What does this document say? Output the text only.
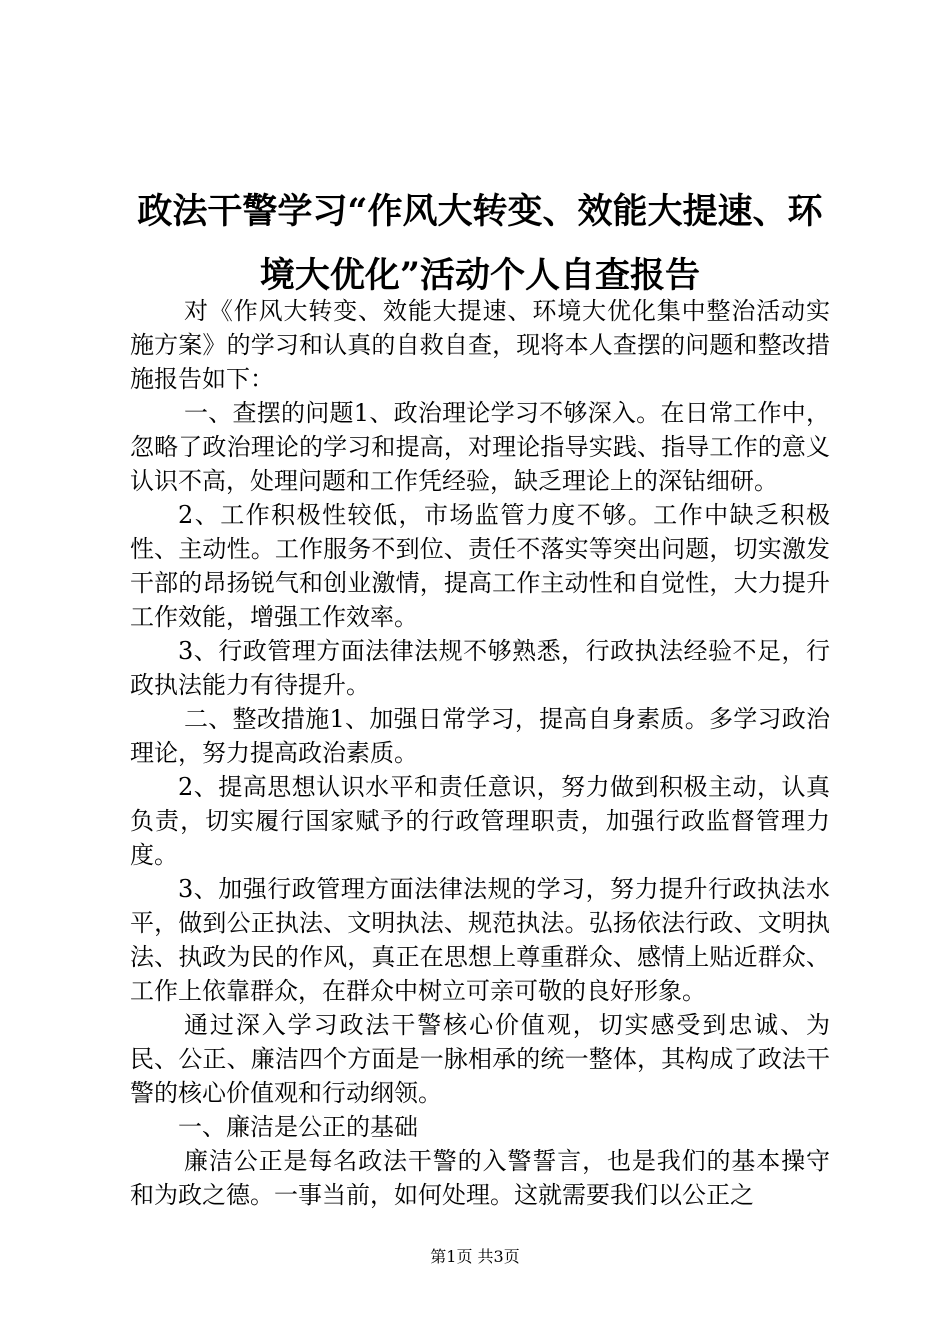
政法干警学习“作风大转变、效能大提速、环境大优化”活动个人自查报告

对《作风大转变、效能大提速、环境大优化集中整治活动实施方案》的学习和认真的自救自查，现将本人查摆的问题和整改措施报告如下：

一、查摆的问题1、政治理论学习不够深入。在日常工作中，忽略了政治理论的学习和提高，对理论指导实践、指导工作的意义认识不高，处理问题和工作凭经验，缺乏理论上的深钻细研。

2、工作积极性较低，市场监管力度不够。工作中缺乏积极性、主动性。工作服务不到位、责任不落实等突出问题，切实激发干部的昂扬锐气和创业激情，提高工作主动性和自觉性，大力提升工作效能，增强工作效率。

3、行政管理方面法律法规不够熟悉，行政执法经验不足，行政执法能力有待提升。

二、整改措施1、加强日常学习，提高自身素质。多学习政治理论，努力提高政治素质。

2、提高思想认识水平和责任意识，努力做到积极主动，认真负责，切实履行国家赋予的行政管理职责，加强行政监督管理力度。

3、加强行政管理方面法律法规的学习，努力提升行政执法水平，做到公正执法、文明执法、规范执法。弘扬依法行政、文明执法、执政为民的作风，真正在思想上尊重群众、感情上贴近群众、工作上依靠群众，在群众中树立可亲可敬的良好形象。

通过深入学习政法干警核心价值观，切实感受到忠诚、为民、公正、廉洁四个方面是一脉相承的统一整体，其构成了政法干警的核心价值观和行动纲领。

一、廉洁是公正的基础

廉洁公正是每名政法干警的入警誓言，也是我们的基本操守和为政之德。一事当前，如何处理。这就需要我们以公正之

第1页 共3页
